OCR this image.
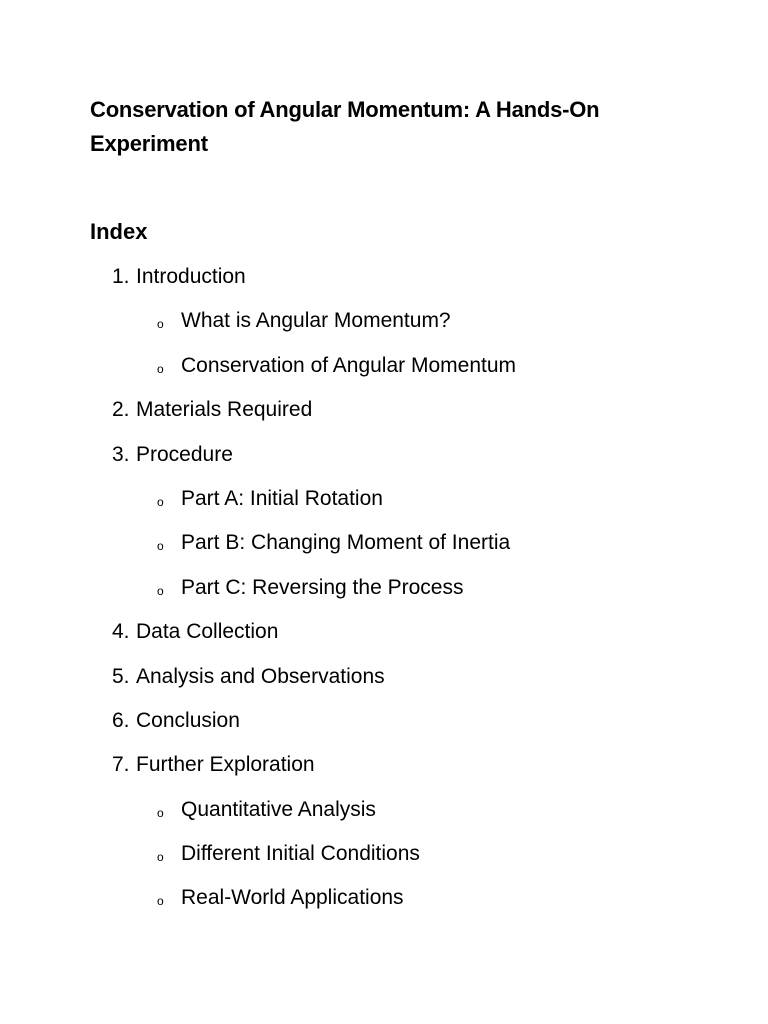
Conservation of Angular Momentum: A Hands-On Experiment
Index
1. Introduction
o What is Angular Momentum?
o Conservation of Angular Momentum
2. Materials Required
3. Procedure
o Part A: Initial Rotation
o Part B: Changing Moment of Inertia
o Part C: Reversing the Process
4. Data Collection
5. Analysis and Observations
6. Conclusion
7. Further Exploration
o Quantitative Analysis
o Different Initial Conditions
o Real-World Applications
